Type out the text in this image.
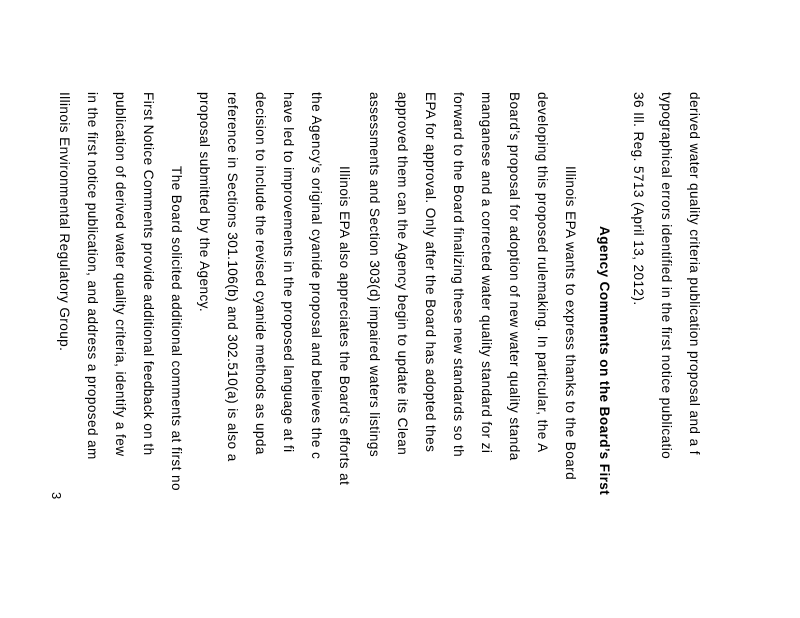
3
derived water quality criteria publication proposal and a f
typographical errors identified in the first notice publicatio
36 Ill. Reg. 5713 (April 13, 2012).
Agency Comments on the Board’s First
Illinois EPA wants to express thanks to the Board
developing this proposed rulemaking. In particular, the A
Board’s proposal for adoption of new water quality standa
manganese and a corrected water quality standard for zi
forward to the Board finalizing these new standards so th
EPA for approval. Only after the Board has adopted thes
approved them can the Agency begin to update its Clean
assessments and Section 303(d) impaired waters listings
Illinois EPA also appreciates the Board’s efforts at
the Agency’s original cyanide proposal and believes the c
have led to improvements in the proposed language at fi
decision to include the revised cyanide methods as upda
reference in Sections 301.106(b) and 302.510(a) is also a
proposal submitted by the Agency.
The Board solicited additional comments at first no
First Notice Comments provide additional feedback on th
publication of derived water quality criteria, identify a few
in the first notice publication, and address a proposed am
Illinois Environmental Regulatory Group.
